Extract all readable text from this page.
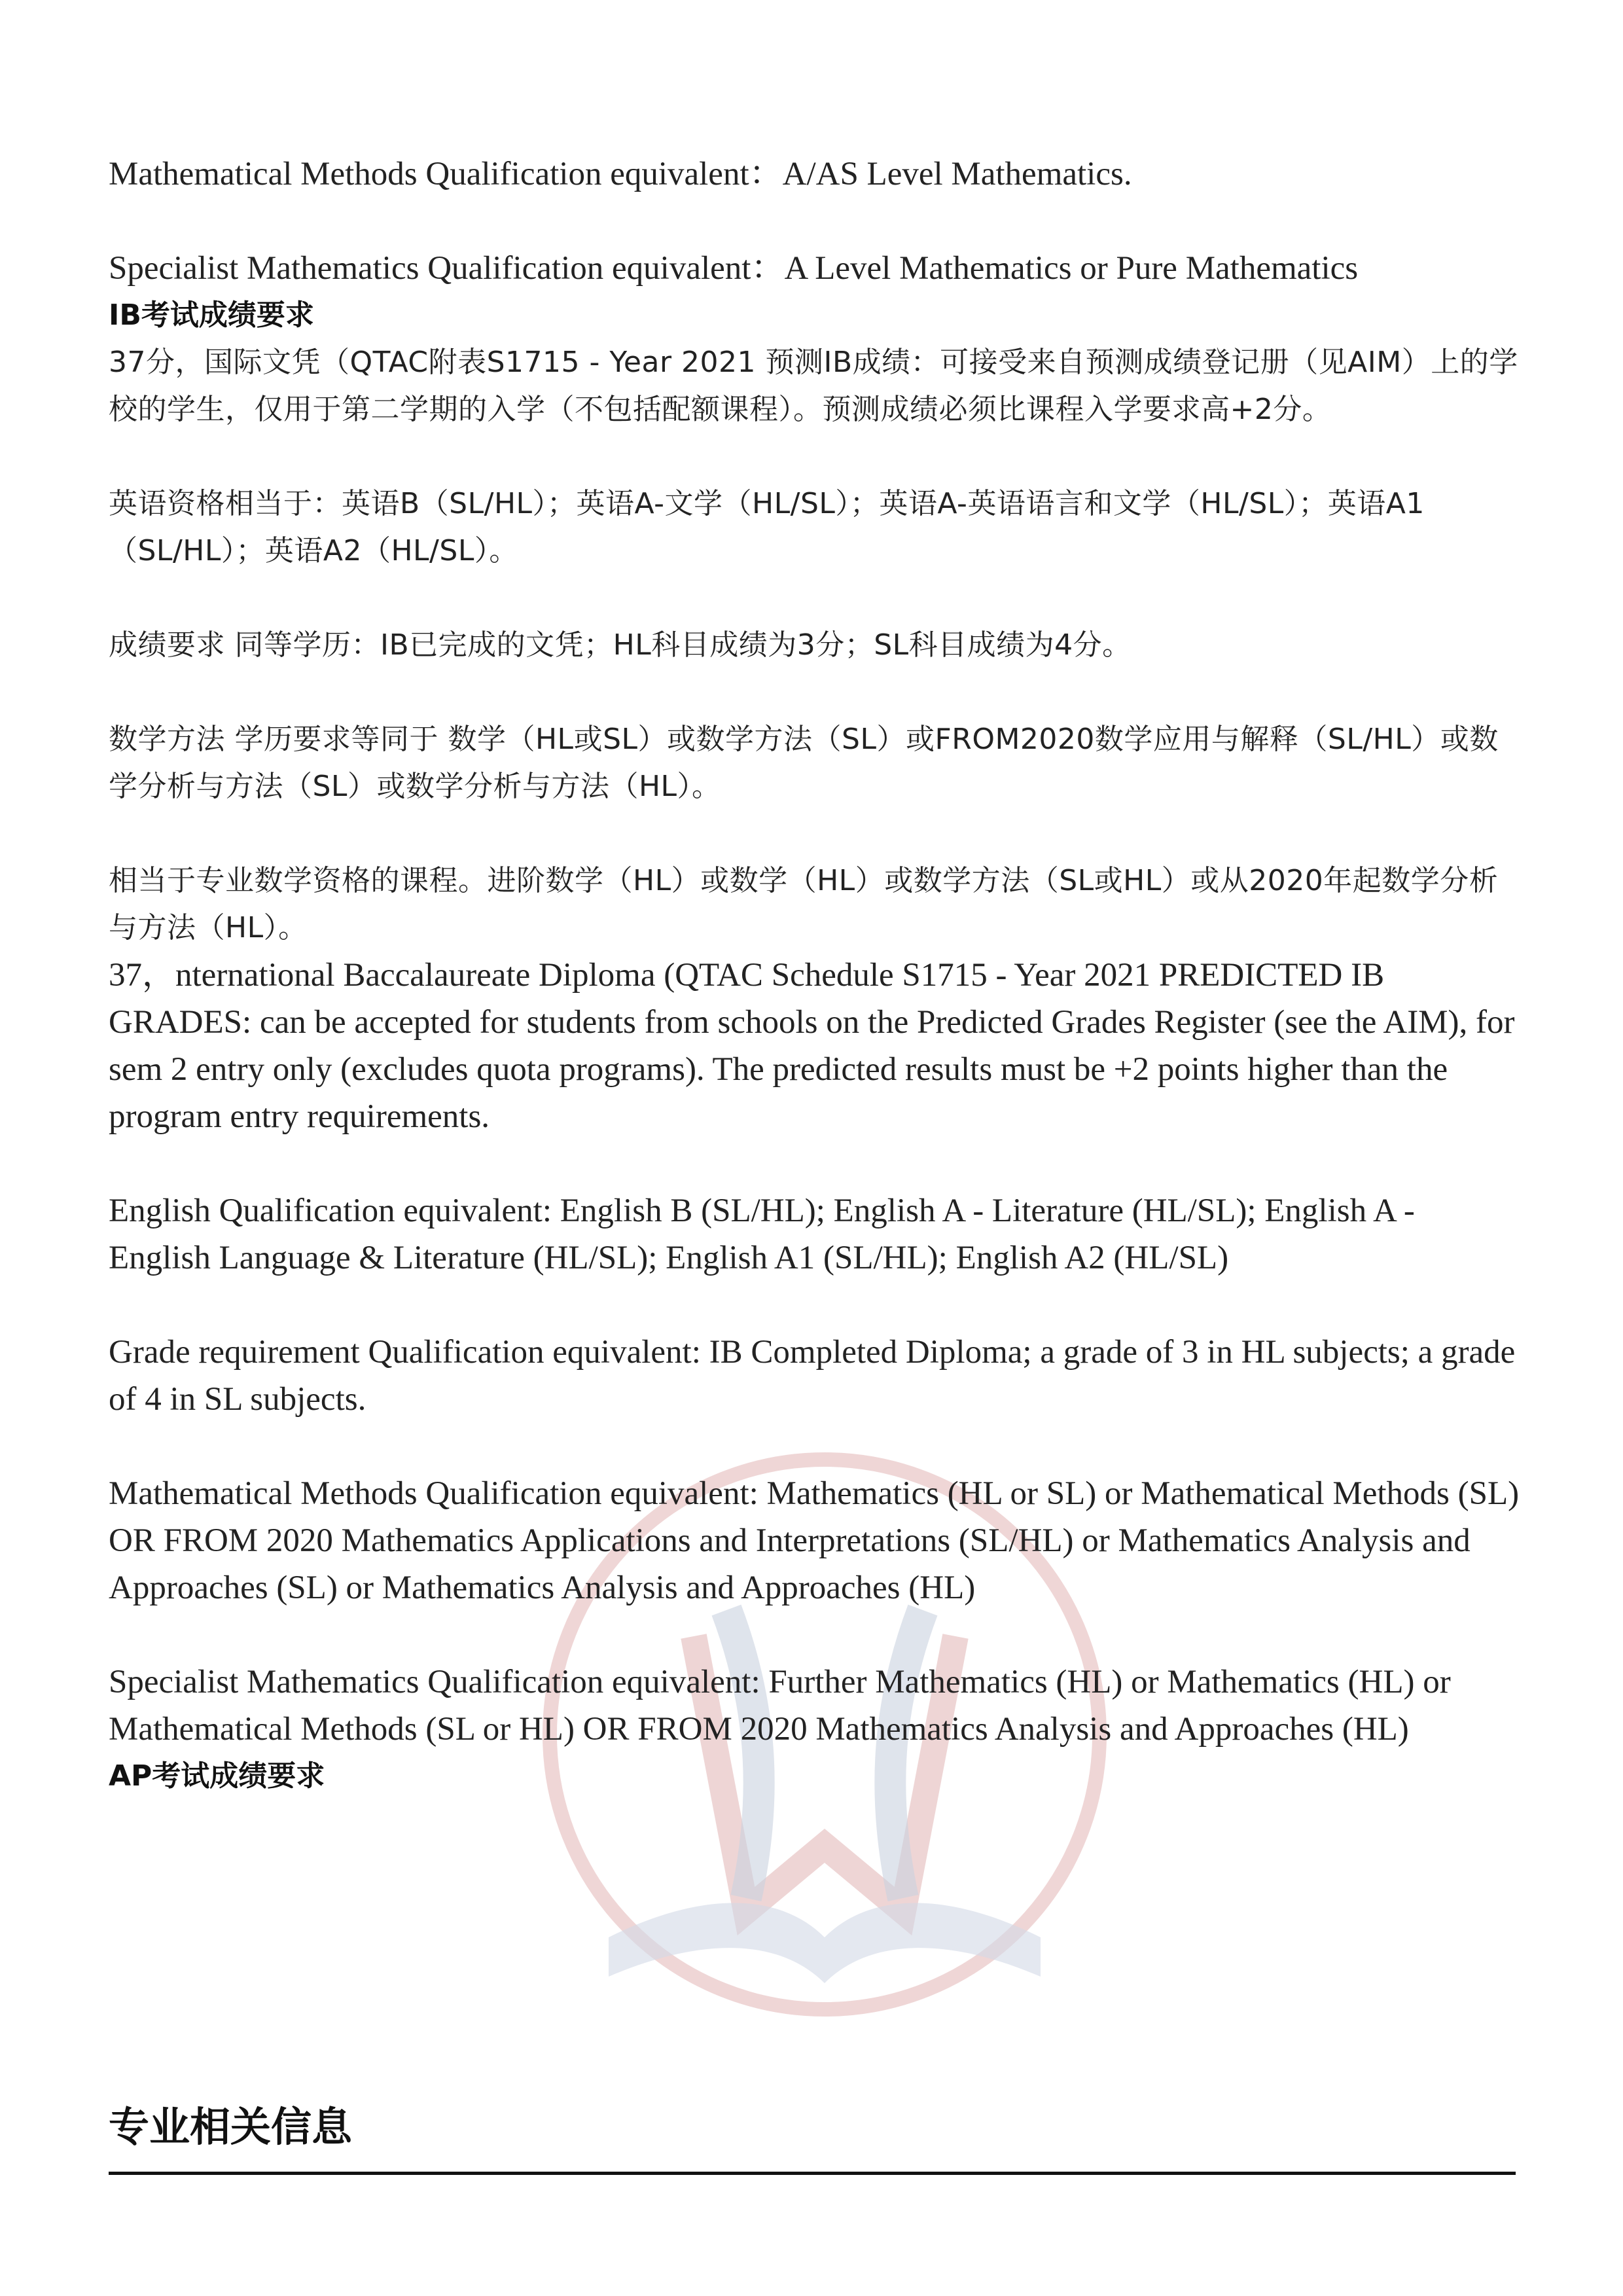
Mathematical Methods Qualification equivalent：A/AS Level Mathematics.

Specialist Mathematics Qualification equivalent：A Level Mathematics or Pure Mathematics

IB考试成绩要求

37分，国际文凭（QTAC附表S1715 - Year 2021 预测IB成绩：可接受来自预测成绩登记册（见AIM）上的学校的学生，仅用于第二学期的入学（不包括配额课程）。预测成绩必须比课程入学要求高+2分。

英语资格相当于：英语B（SL/HL）；英语A-文学（HL/SL）；英语A-英语语言和文学（HL/SL）；英语A1（SL/HL）；英语A2（HL/SL）。

成绩要求 同等学历：IB已完成的文凭；HL科目成绩为3分；SL科目成绩为4分。

数学方法 学历要求等同于 数学（HL或SL）或数学方法（SL）或FROM2020数学应用与解释（SL/HL）或数学分析与方法（SL）或数学分析与方法（HL）。

相当于专业数学资格的课程。进阶数学（HL）或数学（HL）或数学方法（SL或HL）或从2020年起数学分析与方法（HL）。

37，nternational Baccalaureate Diploma (QTAC Schedule S1715 - Year 2021 PREDICTED IB GRADES: can be accepted for students from schools on the Predicted Grades Register (see the AIM), for sem 2 entry only (excludes quota programs). The predicted results must be +2 points higher than the program entry requirements.

English Qualification equivalent: English B (SL/HL); English A - Literature (HL/SL); English A - English Language & Literature (HL/SL); English A1 (SL/HL); English A2 (HL/SL)

Grade requirement Qualification equivalent: IB Completed Diploma; a grade of 3 in HL subjects; a grade of 4 in SL subjects.

Mathematical Methods Qualification equivalent: Mathematics (HL or SL) or Mathematical Methods (SL) OR FROM 2020 Mathematics Applications and Interpretations (SL/HL) or Mathematics Analysis and Approaches (SL) or Mathematics Analysis and Approaches (HL)

Specialist Mathematics Qualification equivalent: Further Mathematics (HL) or Mathematics (HL) or Mathematical Methods (SL or HL) OR FROM 2020 Mathematics Analysis and Approaches (HL)

AP考试成绩要求
专业相关信息
